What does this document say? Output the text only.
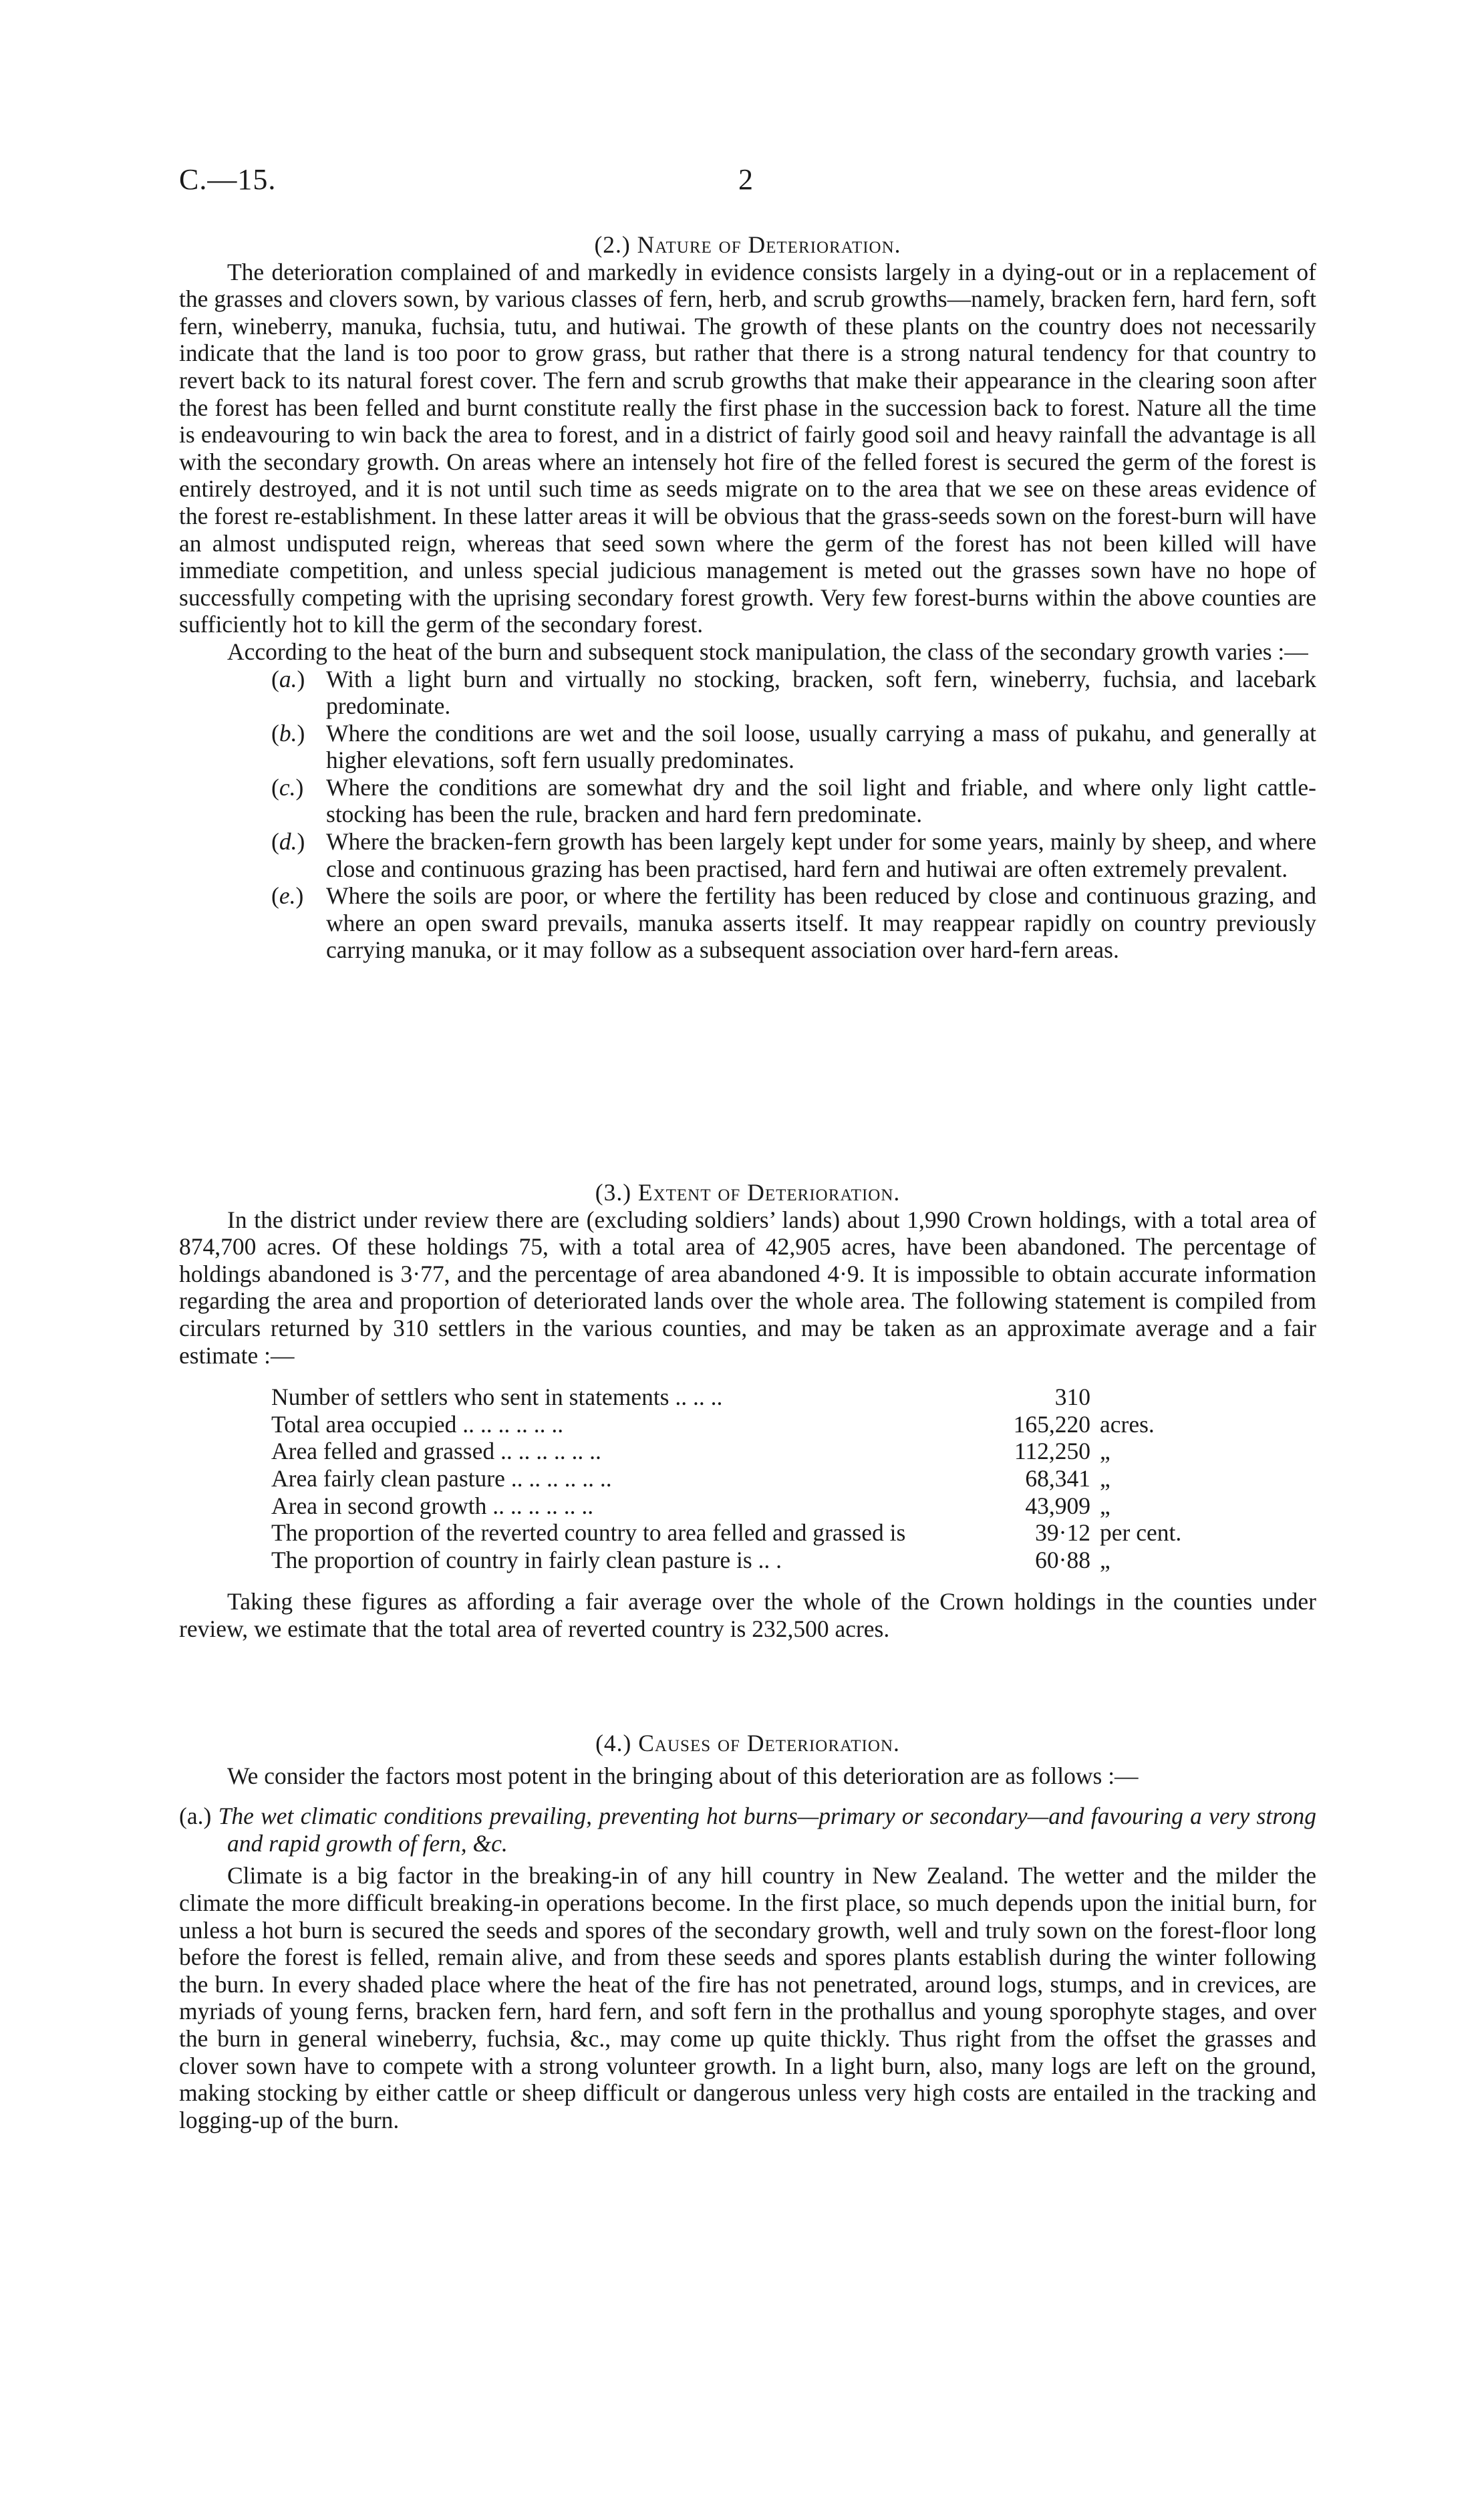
C.—15.	2

(2.) Nature of Deterioration.

The deterioration complained of and markedly in evidence consists largely in a dying-out or in a replacement of the grasses and clovers sown, by various classes of fern, herb, and scrub growths—namely, bracken fern, hard fern, soft fern, wineberry, manuka, fuchsia, tutu, and hutiwai. The growth of these plants on the country does not necessarily indicate that the land is too poor to grow grass, but rather that there is a strong natural tendency for that country to revert back to its natural forest cover. The fern and scrub growths that make their appearance in the clearing soon after the forest has been felled and burnt constitute really the first phase in the succession back to forest. Nature all the time is endeavouring to win back the area to forest, and in a district of fairly good soil and heavy rainfall the advantage is all with the secondary growth. On areas where an intensely hot fire of the felled forest is secured the germ of the forest is entirely destroyed, and it is not until such time as seeds migrate on to the area that we see on these areas evidence of the forest re-establishment. In these latter areas it will be obvious that the grass-seeds sown on the forest-burn will have an almost undisputed reign, whereas that seed sown where the germ of the forest has not been killed will have immediate competition, and unless special judicious management is meted out the grasses sown have no hope of successfully competing with the uprising secondary forest growth. Very few forest-burns within the above counties are sufficiently hot to kill the germ of the secondary forest.

According to the heat of the burn and subsequent stock manipulation, the class of the secondary growth varies :—

(a.) With a light burn and virtually no stocking, bracken, soft fern, wineberry, fuchsia, and lacebark predominate.
(b.) Where the conditions are wet and the soil loose, usually carrying a mass of pukahu, and generally at higher elevations, soft fern usually predominates.
(c.) Where the conditions are somewhat dry and the soil light and friable, and where only light cattle-stocking has been the rule, bracken and hard fern predominate.
(d.) Where the bracken-fern growth has been largely kept under for some years, mainly by sheep, and where close and continuous grazing has been practised, hard fern and hutiwai are often extremely prevalent.
(e.) Where the soils are poor, or where the fertility has been reduced by close and continuous grazing, and where an open sward prevails, manuka asserts itself. It may reappear rapidly on country previously carrying manuka, or it may follow as a subsequent association over hard-fern areas.

(3.) Extent of Deterioration.

In the district under review there are (excluding soldiers’ lands) about 1,990 Crown holdings, with a total area of 874,700 acres. Of these holdings 75, with a total area of 42,905 acres, have been abandoned. The percentage of holdings abandoned is 3·77, and the percentage of area abandoned 4·9. It is impossible to obtain accurate information regarding the area and proportion of deteriorated lands over the whole area. The following statement is compiled from circulars returned by 310 settlers in the various counties, and may be taken as an approximate average and a fair estimate :—

Number of settlers who sent in statements .. .. ..	310
Total area occupied .. .. .. .. .. ..	165,220 acres.
Area felled and grassed .. .. .. .. .. ..	112,250 „
Area fairly clean pasture .. .. .. .. .. ..	68,341 „
Area in second growth .. .. .. .. .. ..	43,909 „
The proportion of the reverted country to area felled and grassed is	39·12 per cent.
The proportion of country in fairly clean pasture is .. .	60·88 „

Taking these figures as affording a fair average over the whole of the Crown holdings in the counties under review, we estimate that the total area of reverted country is 232,500 acres.

(4.) Causes of Deterioration.

We consider the factors most potent in the bringing about of this deterioration are as follows :—

(a.) The wet climatic conditions prevailing, preventing hot burns—primary or secondary—and favouring a very strong and rapid growth of fern, &c.

Climate is a big factor in the breaking-in of any hill country in New Zealand. The wetter and the milder the climate the more difficult breaking-in operations become. In the first place, so much depends upon the initial burn, for unless a hot burn is secured the seeds and spores of the secondary growth, well and truly sown on the forest-floor long before the forest is felled, remain alive, and from these seeds and spores plants establish during the winter following the burn. In every shaded place where the heat of the fire has not penetrated, around logs, stumps, and in crevices, are myriads of young ferns, bracken fern, hard fern, and soft fern in the prothallus and young sporophyte stages, and over the burn in general wineberry, fuchsia, &c., may come up quite thickly. Thus right from the offset the grasses and clover sown have to compete with a strong volunteer growth. In a light burn, also, many logs are left on the ground, making stocking by either cattle or sheep difficult or dangerous unless very high costs are entailed in the tracking and logging-up of the burn.
